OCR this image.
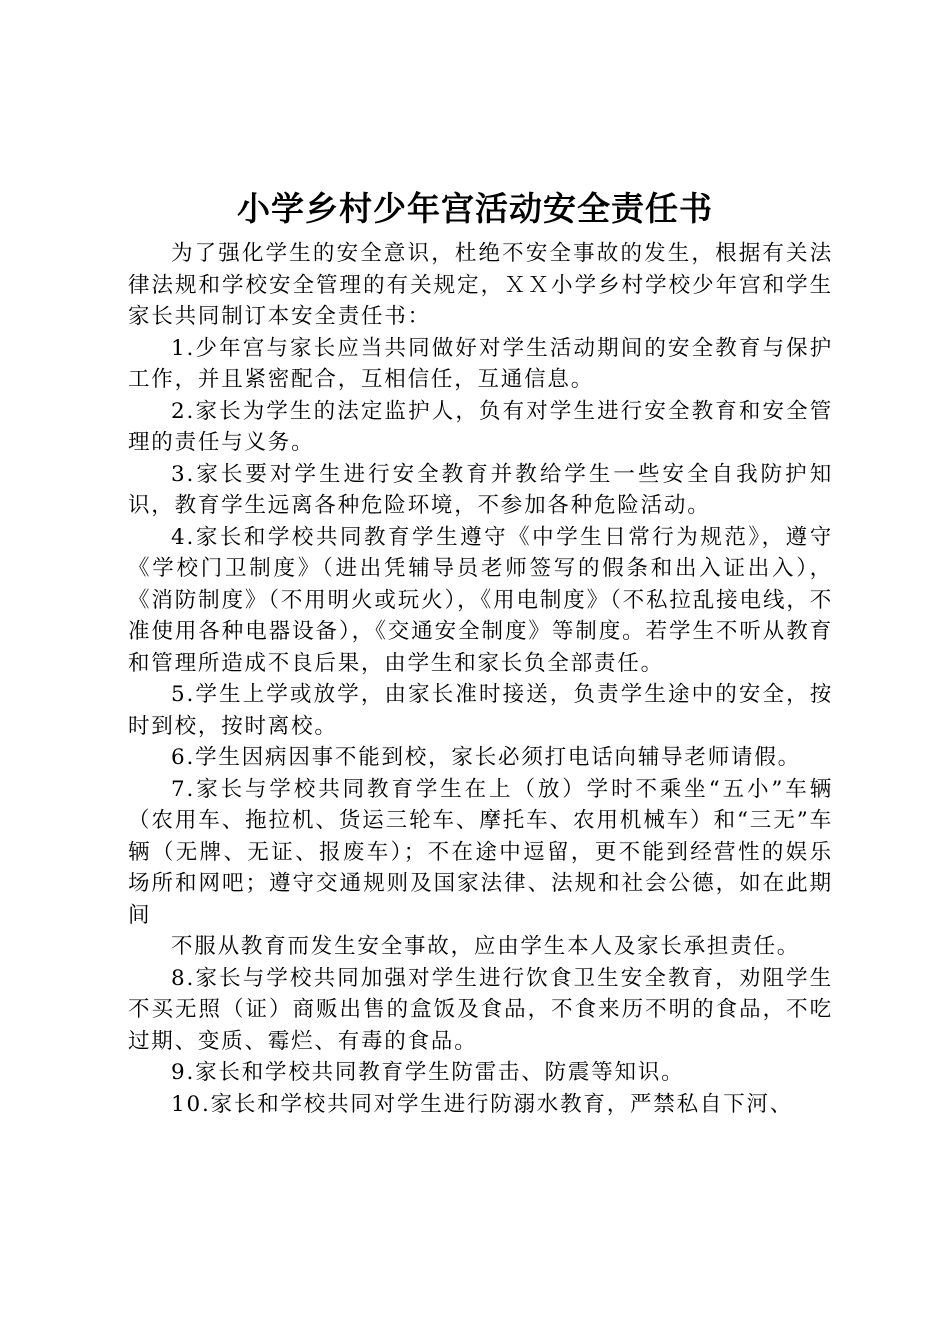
小学乡村少年宫活动安全责任书

为了强化学生的安全意识，杜绝不安全事故的发生，根据有关法律法规和学校安全管理的有关规定，ＸＸ小学乡村学校少年宫和学生家长共同制订本安全责任书：

1.少年宫与家长应当共同做好对学生活动期间的安全教育与保护工作，并且紧密配合，互相信任，互通信息。

2.家长为学生的法定监护人，负有对学生进行安全教育和安全管理的责任与义务。

3.家长要对学生进行安全教育并教给学生一些安全自我防护知识，教育学生远离各种危险环境，不参加各种危险活动。

4.家长和学校共同教育学生遵守《中学生日常行为规范》，遵守《学校门卫制度》（进出凭辅导员老师签写的假条和出入证出入），《消防制度》（不用明火或玩火），《用电制度》（不私拉乱接电线，不准使用各种电器设备），《交通安全制度》等制度。若学生不听从教育和管理所造成不良后果，由学生和家长负全部责任。

5.学生上学或放学，由家长准时接送，负责学生途中的安全，按时到校，按时离校。

6.学生因病因事不能到校，家长必须打电话向辅导老师请假。

7.家长与学校共同教育学生在上（放）学时不乘坐“五小”车辆（农用车、拖拉机、货运三轮车、摩托车、农用机械车）和“三无”车辆（无牌、无证、报废车）；不在途中逗留，更不能到经营性的娱乐场所和网吧；遵守交通规则及国家法律、法规和社会公德，如在此期间

不服从教育而发生安全事故，应由学生本人及家长承担责任。

8.家长与学校共同加强对学生进行饮食卫生安全教育，劝阻学生不买无照（证）商贩出售的盒饭及食品，不食来历不明的食品，不吃过期、变质、霉烂、有毒的食品。

9.家长和学校共同教育学生防雷击、防震等知识。

10.家长和学校共同对学生进行防溺水教育，严禁私自下河、
